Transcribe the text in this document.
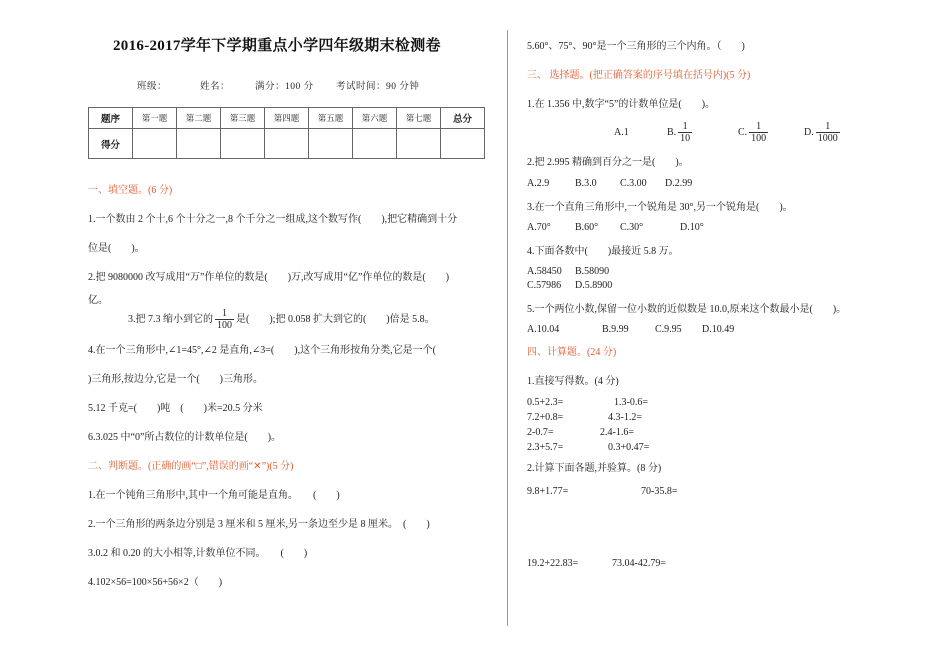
2016-2017学年下学期重点小学四年级期末检测卷
班级：	姓名：	满分：100 分 考试时间：90 分钟
题序	第一题	第二题	第三题	第四题	第五题	第六题	第七题	总分
得分								
一、填空题。(6 分)
1.一个数由 2 个十,6 个十分之一,8 个千分之一组成,这个数写作(　　),把它精确到十分
位是(　　)。
2.把 9080000 改写成用“万”作单位的数是(　　)万,改写成用“亿”作单位的数是(　　)
亿。
3.把 7.3 缩小到它的 $\frac{1}{100}$ 是(　　);把 0.058 扩大到它的(　　)倍是 5.8。
4.在一个三角形中,∠1=45°,∠2 是直角,∠3=(　　),这个三角形按角分类,它是一个(
)三角形,按边分,它是一个(　　)三角形。
5.12 千克=(　　)吨　(　　)米=20.5 分米
6.3.025 中“0”所占数位的计数单位是(　　)。
二、判断题。(正确的画“□”,错误的画“✕”)(5 分)
1.在一个钝角三角形中,其中一个角可能是直角。　　(　　)
2.一个三角形的两条边分别是 3 厘米和 5 厘米,另一条边至少是 8 厘米。　(　　)
3.0.2 和 0.20 的大小相等,计数单位不同。　　(　　)
4.102×56=100×56+56×2（　　)
5.60°、75°、90°是一个三角形的三个内角。（　　)
三、 选择题。(把正确答案的序号填在括号内)(5 分)
1.在 1.356 中,数字“5”的计数单位是(　　)。
A.1	B. $\frac{1}{10}$	C. $\frac{1}{100}$	D. $\frac{1}{1000}$
2.把 2.995 精确到百分之一是(　　)。
A.2.9	B.3.0 C.3.00 D.2.99
3.在一个直角三角形中,一个锐角是 30°,另一个锐角是(　　)。
A.70° B.60° C.30°	D.10°
4.下面各数中(　　)最接近 5.8 万。
A.58450 B.58090
C.57986 D.5.8900
5.一个两位小数,保留一位小数的近似数是 10.0,原来这个数最小是(　　)。
A.10.04	B.9.99	C.9.95 D.10.49
四、计算题。(24 分)
1.直接写得数。(4 分)
0.5+2.3=	1.3-0.6=
7.2+0.8=	4.3-1.2=
2-0.7=	2.4-1.6=
2.3+5.7=	0.3+0.47=
2.计算下面各题,并验算。(8 分)
9.8+1.77=	70-35.8=
19.2+22.83=	73.04-42.79=
